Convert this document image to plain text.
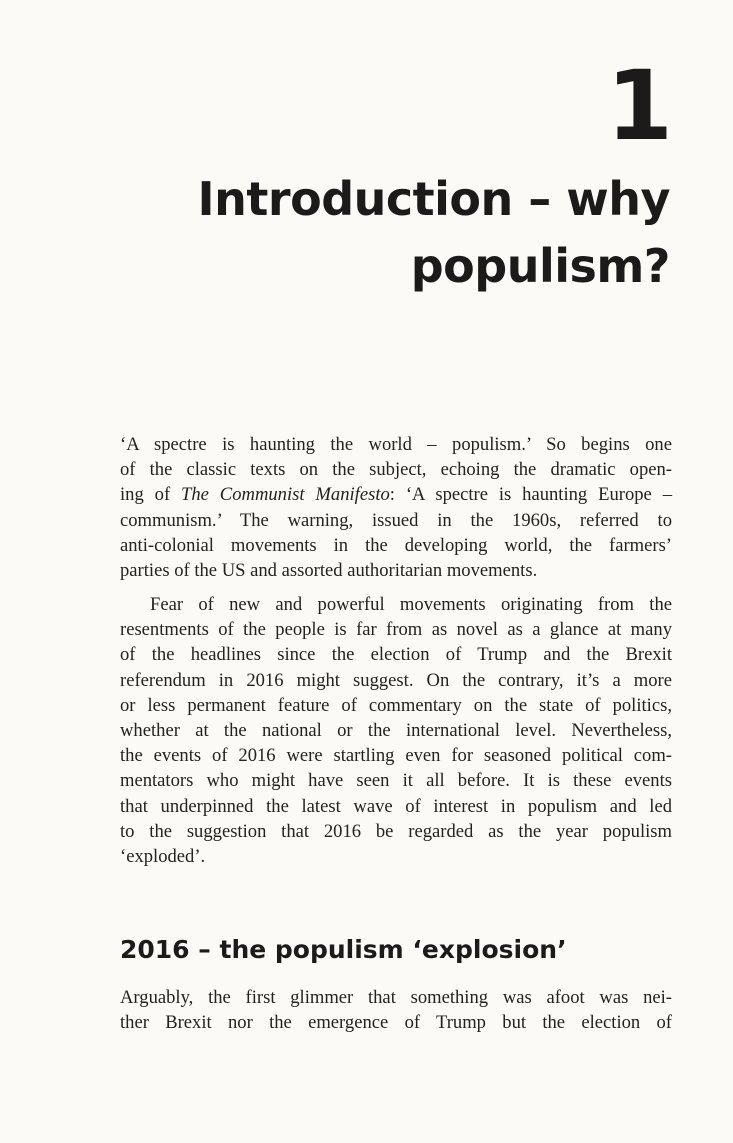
1
Introduction – why
populism?
‘A spectre is haunting the world – populism.’ So begins one
of the classic texts on the subject, echoing the dramatic open-
ing of The Communist Manifesto: ‘A spectre is haunting Europe –
communism.’ The warning, issued in the 1960s, referred to
anti-colonial movements in the developing world, the farmers’
parties of the US and assorted authoritarian movements.
Fear of new and powerful movements originating from the
resentments of the people is far from as novel as a glance at many
of the headlines since the election of Trump and the Brexit
referendum in 2016 might suggest. On the contrary, it’s a more
or less permanent feature of commentary on the state of politics,
whether at the national or the international level. Nevertheless,
the events of 2016 were startling even for seasoned political com-
mentators who might have seen it all before. It is these events
that underpinned the latest wave of interest in populism and led
to the suggestion that 2016 be regarded as the year populism
‘exploded’.
2016 – the populism ‘explosion’
Arguably, the first glimmer that something was afoot was nei-
ther Brexit nor the emergence of Trump but the election of
